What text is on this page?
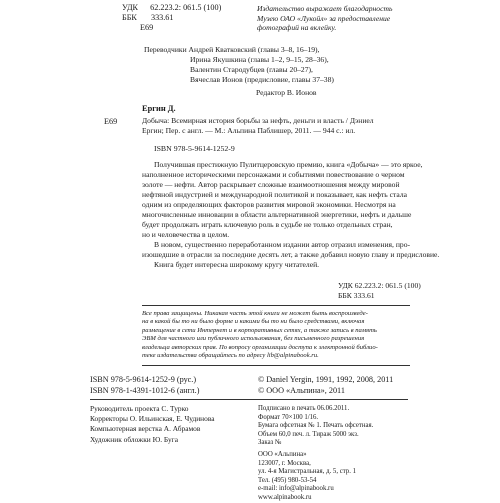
УДК 62.223.2: 061.5 (100)
ББК 333.61
Е69
Издательство выражает благодарность
Музею ОАО «Лукойл» за предоставление
фотографий на вклейку.
Переводчики Андрей Кватковский (главы 3–8, 16–19),
Ирина Якушкина (главы 1–2, 9–15, 28–36),
Валентин Стародубцев (главы 20–27),
Вячеслав Ионов (предисловие, главы 37–38)
Редактор В. Ионов
Ергин Д.
Е69	Добыча: Всемирная история борьбы за нефть, деньги и власть / Дэниел
Ергин; Пер. с англ. — М.: Альпина Паблишер, 2011. — 944 с.: ил.
ISBN 978-5-9614-1252-9
Получившая престижную Пулитцеровскую премию, книга «Добыча» — это яркое,
наполненное историческими персонажами и событиями повествование о черном
золоте — нефти. Автор раскрывает сложные взаимоотношения между мировой
нефтяной индустрией и международной политикой и показывает, как нефть стала
одним из определяющих факторов развития мировой экономики. Несмотря на
многочисленные инновации в области альтернативной энергетики, нефть и дальше
будет продолжать играть ключевую роль в судьбе не только отдельных стран,
но и человечества в целом.
В новом, существенно переработанном издании автор отразил изменения, про-
изошедшие в отрасли за последние десять лет, а также добавил новую главу и предисловие.
Книга будет интересна широкому кругу читателей.
УДК 62.223.2: 061.5 (100)
ББК 333.61
Все права защищены. Никакая часть этой книги не может быть воспроизведе-
на в какой бы то ни было форме и какими бы то ни было средствами, включая
размещение в сети Интернет и в корпоративных сетях, а также запись в память
ЭВМ для частного или публичного использования, без письменного разрешения
владельца авторских прав. По вопросу организации доступа к электронной библио-
теке издательства обращайтесь по адресу lib@alpinabook.ru.
ISBN 978-5-9614-1252-9 (рус.)
ISBN 978-1-4391-1012-6 (англ.)
© Daniel Yergin, 1991, 1992, 2008, 2011
© ООО «Альпина», 2011
Руководитель проекта С. Турко
Корректоры О. Ильинская, Е. Чудинова
Компьютерная верстка А. Абрамов
Художник обложки Ю. Буга
Подписано в печать 06.06.2011.
Формат 70×100 1/16.
Бумага офсетная № 1. Печать офсетная.
Объем 60,0 печ. л. Тираж 5000 экз.
Заказ №
ООО «Альпина»
123007, г. Москва,
ул. 4-я Магистральная, д. 5, стр. 1
Тел. (495) 980-53-54
e-mail: info@alpinabook.ru
www.alpinabook.ru
